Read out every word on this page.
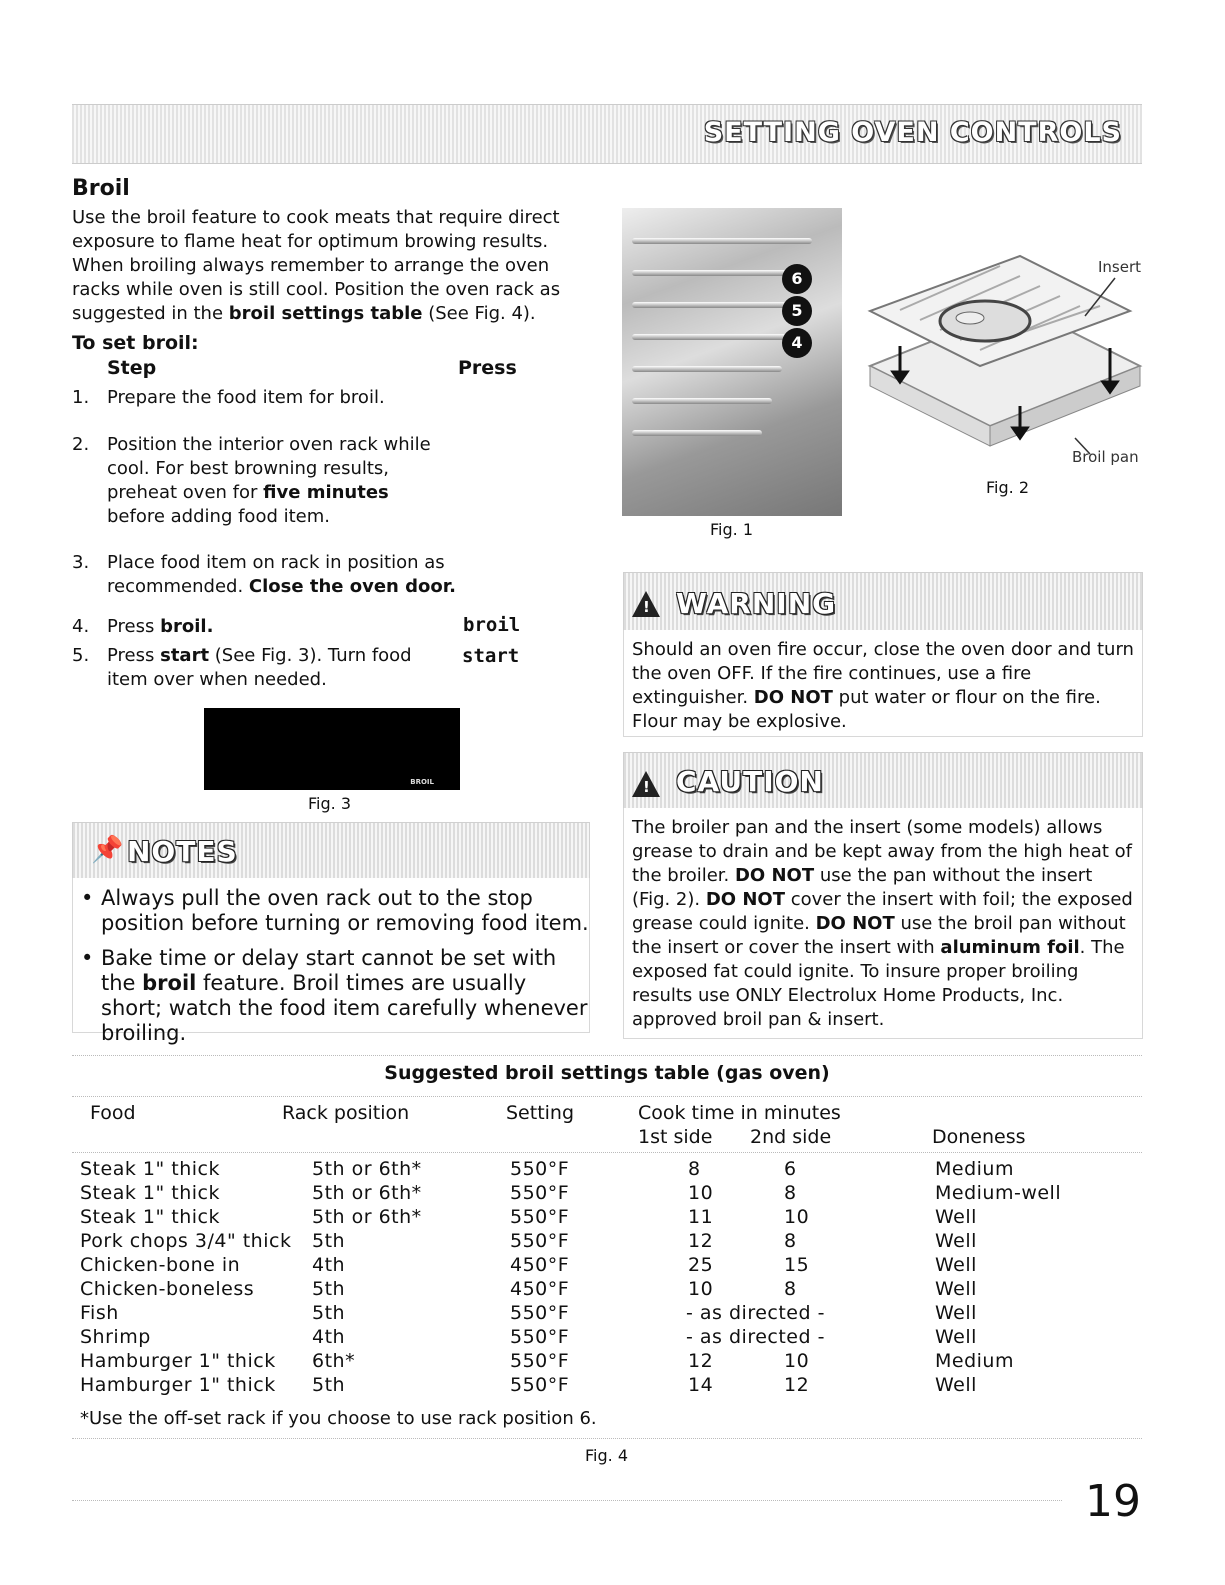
SETTING OVEN CONTROLS
Broil
Use the broil feature to cook meats that require direct exposure to flame heat for optimum browing results. When broiling always remember to arrange the oven racks while oven is still cool. Position the oven rack as suggested in the broil settings table (See Fig. 4).
To set broil:
Step	Press
1. Prepare the food item for broil.
2. Position the interior oven rack while cool. For best browning results, preheat oven for five minutes before adding food item.
3. Place food item on rack in position as recommended. Close the oven door.
4. Press broil.	broil
5. Press start (See Fig. 3). Turn food item over when needed.
start
BROIL
Fig. 3
📌 NOTES

• Always pull the oven rack out to the stop position before turning or removing food item.

• Bake time or delay start cannot be set with the broil feature. Broil times are usually short; watch the food item carefully whenever broiling.

6
5
4
Fig. 1
Insert
Broil pan
Fig. 2
! WARNING
Should an oven fire occur, close the oven door and turn the oven OFF. If the fire continues, use a fire extinguisher. DO NOT put water or flour on the fire. Flour may be explosive.
! CAUTION
The broiler pan and the insert (some models) allows grease to drain and be kept away from the high heat of the broiler. DO NOT use the pan without the insert (Fig. 2). DO NOT cover the insert with foil; the exposed grease could ignite. DO NOT use the broil pan without the insert or cover the insert with aluminum foil. The exposed fat could ignite. To insure proper broiling results use ONLY Electrolux Home Products, Inc. approved broil pan & insert.
Suggested broil settings table (gas oven)
Food	Rack position	Setting	Cook time in minutes
1st side 2nd side	Doneness
Steak 1" thick	5th or 6th*	550°F	8	6	Medium
Steak 1" thick	5th or 6th*	550°F	10	8	Medium-well
Steak 1" thick	5th or 6th*	550°F	11	10	Well
Pork chops 3/4" thick 5th	550°F	12	8	Well
Chicken-bone in	4th	450°F	25	15	Well
Chicken-boneless	5th	450°F	10	8	Well
Fish	5th	550°F	- as directed -	Well
Shrimp	4th	550°F	- as directed -	Well
Hamburger 1" thick 6th*	550°F	12	10	Medium
Hamburger 1" thick 5th	550°F	14	12	Well
*Use the off-set rack if you choose to use rack position 6.
Fig. 4
19
